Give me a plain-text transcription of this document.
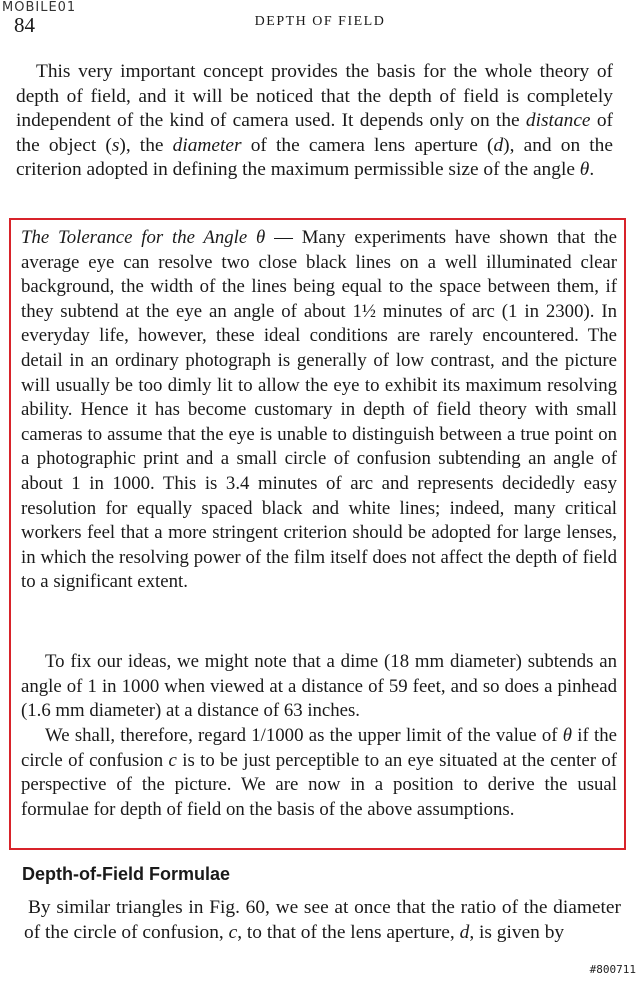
MOBILE01
84	DEPTH OF FIELD

This very important concept provides the basis for the whole theory of depth of field, and it will be noticed that the depth of field is completely independent of the kind of camera used. It depends only on the distance of the object (s), the diameter of the camera lens aperture (d), and on the criterion adopted in defining the maximum permissible size of the angle θ.

The Tolerance for the Angle θ — Many experiments have shown that the average eye can resolve two close black lines on a well illuminated clear background, the width of the lines being equal to the space between them, if they subtend at the eye an angle of about 1½ minutes of arc (1 in 2300). In everyday life, however, these ideal conditions are rarely encountered. The detail in an ordinary photograph is generally of low contrast, and the picture will usually be too dimly lit to allow the eye to exhibit its maximum resolving ability. Hence it has become customary in depth of field theory with small cameras to assume that the eye is unable to distinguish between a true point on a photographic print and a small circle of confusion subtending an angle of about 1 in 1000. This is 3.4 minutes of arc and represents decidedly easy resolution for equally spaced black and white lines; indeed, many critical workers feel that a more stringent criterion should be adopted for large lenses, in which the resolving power of the film itself does not affect the depth of field to a significant extent.

To fix our ideas, we might note that a dime (18 mm diameter) subtends an angle of 1 in 1000 when viewed at a distance of 59 feet, and so does a pinhead (1.6 mm diameter) at a distance of 63 inches.

We shall, therefore, regard 1/1000 as the upper limit of the value of θ if the circle of confusion c is to be just perceptible to an eye situated at the center of perspective of the picture. We are now in a position to derive the usual formulae for depth of field on the basis of the above assumptions.

Depth-of-Field Formulae

By similar triangles in Fig. 60, we see at once that the ratio of the diameter of the circle of confusion, c, to that of the lens aperture, d, is given by

#800711
